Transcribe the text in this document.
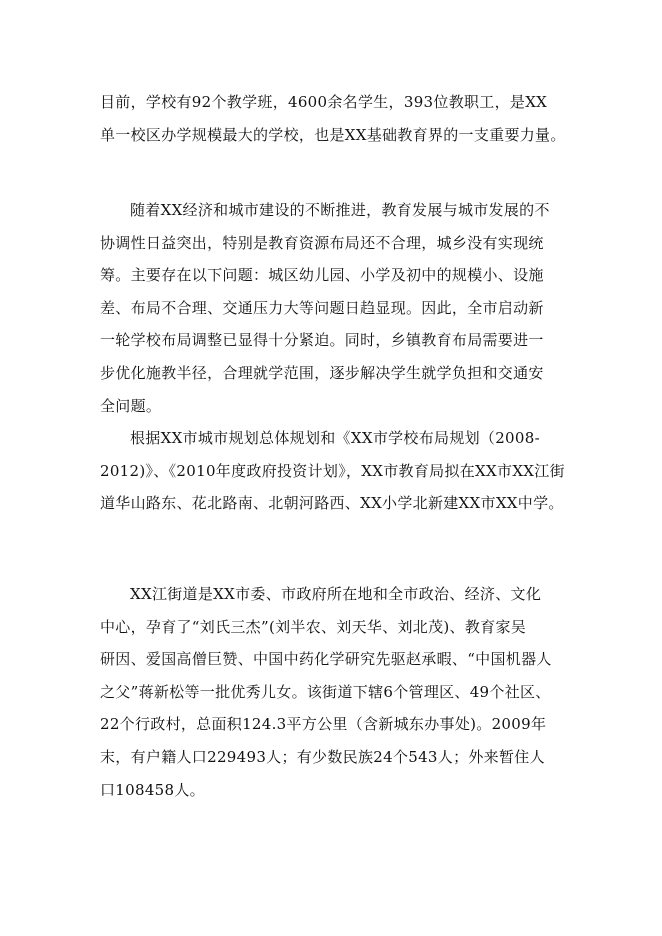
目前，学校有92个教学班，4600余名学生，393位教职工，是XX
单一校区办学规模最大的学校，也是XX基础教育界的一支重要力量。
随着XX经济和城市建设的不断推进，教育发展与城市发展的不
协调性日益突出，特别是教育资源布局还不合理，城乡没有实现统
筹。主要存在以下问题：城区幼儿园、小学及初中的规模小、设施
差、布局不合理、交通压力大等问题日趋显现。因此，全市启动新
一轮学校布局调整已显得十分紧迫。同时，乡镇教育布局需要进一
步优化施教半径，合理就学范围，逐步解决学生就学负担和交通安
全问题。
根据XX市城市规划总体规划和《XX市学校布局规划（2008-
2012)》、《2010年度政府投资计划》，XX市教育局拟在XX市XX江街
道华山路东、花北路南、北朝河路西、XX小学北新建XX市XX中学。
XX江街道是XX市委、市政府所在地和全市政治、经济、文化
中心，孕育了“刘氏三杰”(刘半农、刘天华、刘北茂)、教育家吴
研因、爱国高僧巨赞、中国中药化学研究先驱赵承暇、“中国机器人
之父”蒋新松等一批优秀儿女。该街道下辖6个管理区、49个社区、
22个行政村，总面积124.3平方公里（含新城东办事处)。2009年
末，有户籍人口229493人；有少数民族24个543人；外来暂住人
口108458人。
